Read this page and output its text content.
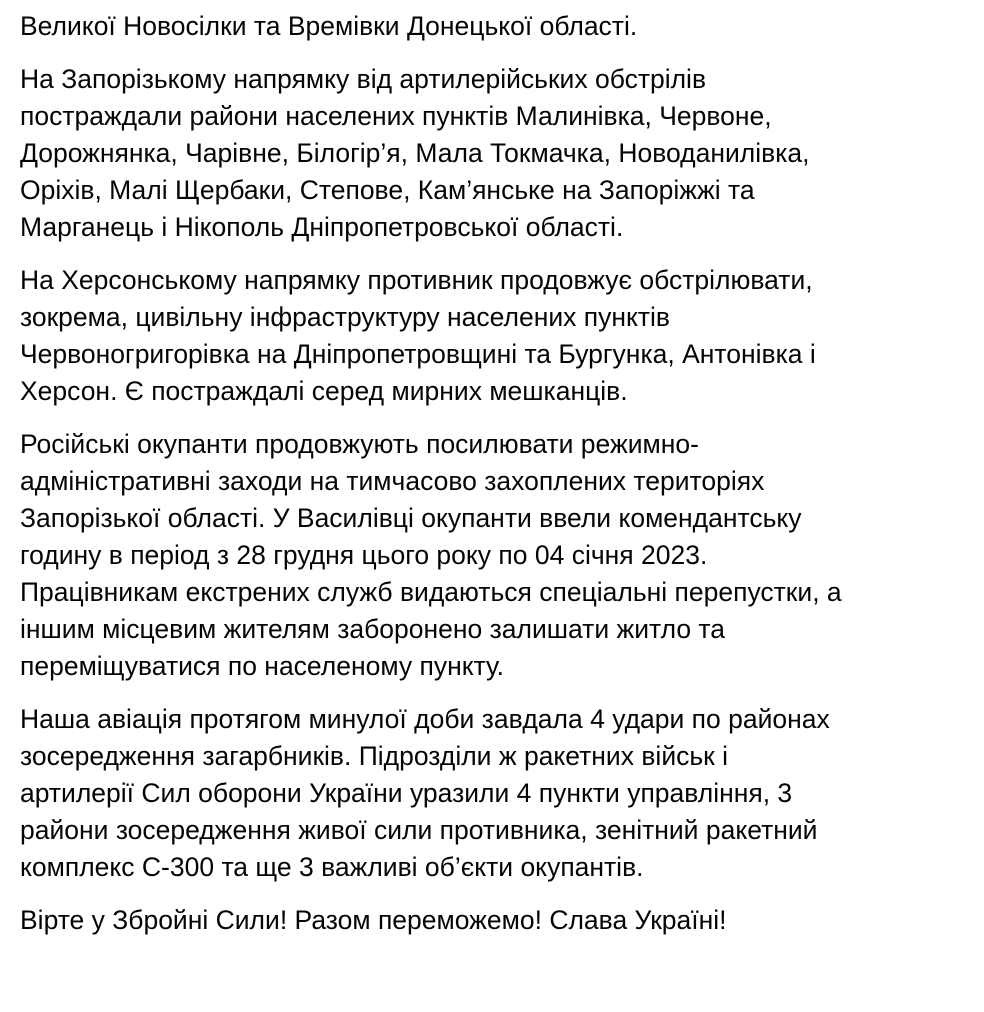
Великої Новосілки та Времівки Донецької області.

На Запорізькому напрямку від артилерійських обстрілів
постраждали райони населених пунктів Малинівка, Червоне,
Дорожнянка, Чарівне, Білогір’я, Мала Токмачка, Новоданилівка,
Оріхів, Малі Щербаки, Степове, Кам’янське на Запоріжжі та
Марганець і Нікополь Дніпропетровської області.

На Херсонському напрямку противник продовжує обстрілювати,
зокрема, цивільну інфраструктуру населених пунктів
Червоногригорівка на Дніпропетровщині та Бургунка, Антонівка і
Херсон. Є постраждалі серед мирних мешканців.

Російські окупанти продовжують посилювати режимно-
адміністративні заходи на тимчасово захоплених територіях
Запорізької області. У Василівці окупанти ввели комендантську
годину в період з 28 грудня цього року по 04 січня 2023.
Працівникам екстрених служб видаються спеціальні перепустки, а
іншим місцевим жителям заборонено залишати житло та
переміщуватися по населеному пункту.

Наша авіація протягом минулої доби завдала 4 удари по районах
зосередження загарбників. Підрозділи ж ракетних військ і
артилерії Сил оборони України уразили 4 пункти управління, 3
райони зосередження живої сили противника, зенітний ракетний
комплекс С-300 та ще 3 важливі об’єкти окупантів.

Вірте у Збройні Сили! Разом переможемо! Слава Україні!
